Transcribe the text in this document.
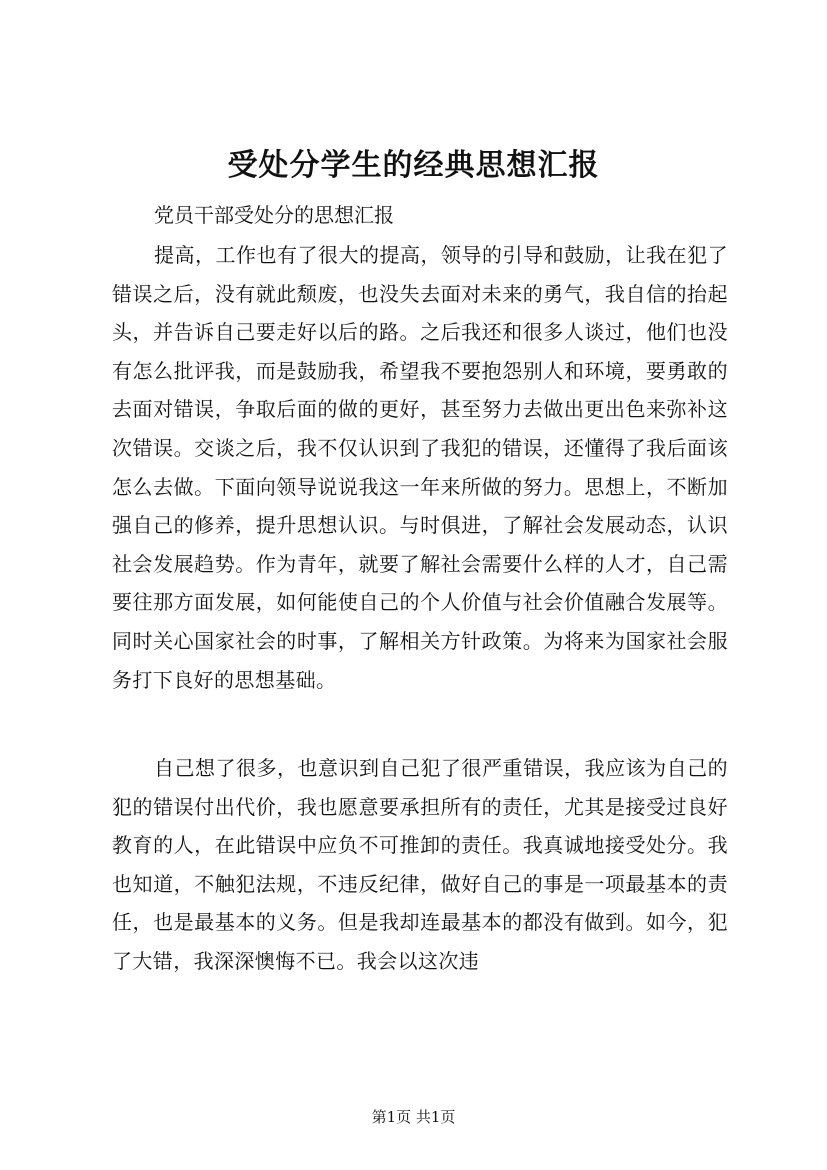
受处分学生的经典思想汇报
党员干部受处分的思想汇报

提高，工作也有了很大的提高，领导的引导和鼓励，让我在犯了错误之后，没有就此颓废，也没失去面对未来的勇气，我自信的抬起头，并告诉自己要走好以后的路。之后我还和很多人谈过，他们也没有怎么批评我，而是鼓励我，希望我不要抱怨别人和环境，要勇敢的去面对错误，争取后面的做的更好，甚至努力去做出更出色来弥补这次错误。交谈之后，我不仅认识到了我犯的错误，还懂得了我后面该怎么去做。下面向领导说说我这一年来所做的努力。思想上，不断加强自己的修养，提升思想认识。与时俱进，了解社会发展动态，认识社会发展趋势。作为青年，就要了解社会需要什么样的人才，自己需要往那方面发展，如何能使自己的个人价值与社会价值融合发展等。同时关心国家社会的时事，了解相关方针政策。为将来为国家社会服务打下良好的思想基础。

自己想了很多，也意识到自己犯了很严重错误，我应该为自己的犯的错误付出代价，我也愿意要承担所有的责任，尤其是接受过良好教育的人，在此错误中应负不可推卸的责任。我真诚地接受处分。我也知道，不触犯法规，不违反纪律，做好自己的事是一项最基本的责任，也是最基本的义务。但是我却连最基本的都没有做到。如今，犯了大错，我深深懊悔不已。我会以这次违

第1页 共1页
